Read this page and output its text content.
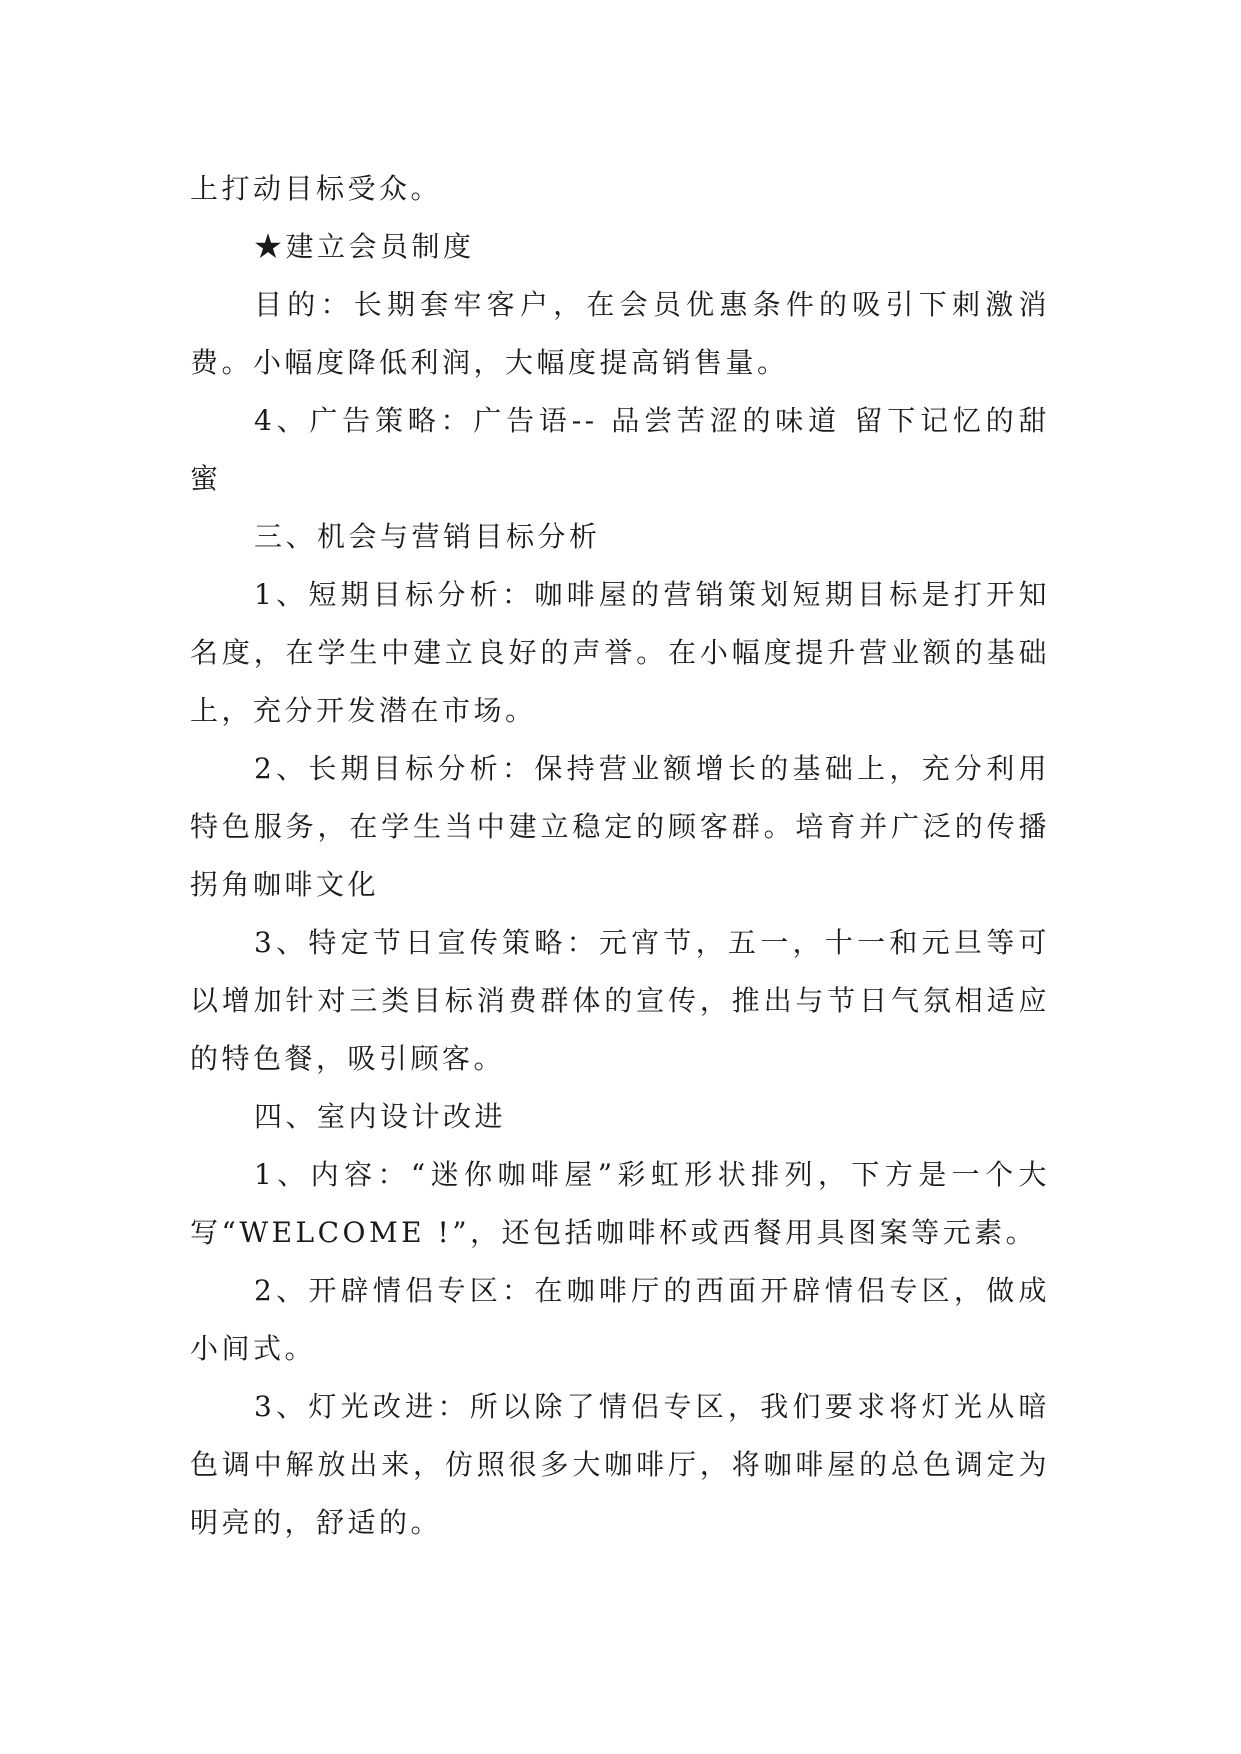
上打动目标受众。

★建立会员制度

目的：长期套牢客户，在会员优惠条件的吸引下刺激消费。小幅度降低利润，大幅度提高销售量。

4、广告策略：广告语-- 品尝苦涩的味道 留下记忆的甜蜜

三、机会与营销目标分析

1、短期目标分析：咖啡屋的营销策划短期目标是打开知名度，在学生中建立良好的声誉。在小幅度提升营业额的基础上，充分开发潜在市场。

2、长期目标分析：保持营业额增长的基础上，充分利用特色服务，在学生当中建立稳定的顾客群。培育并广泛的传播拐角咖啡文化

3、特定节日宣传策略：元宵节，五一，十一和元旦等可以增加针对三类目标消费群体的宣传，推出与节日气氛相适应的特色餐，吸引顾客。

四、室内设计改进

1、内容：“迷你咖啡屋”彩虹形状排列，下方是一个大写“WELCOME !”，还包括咖啡杯或西餐用具图案等元素。

2、开辟情侣专区：在咖啡厅的西面开辟情侣专区，做成小间式。

3、灯光改进：所以除了情侣专区，我们要求将灯光从暗色调中解放出来，仿照很多大咖啡厅，将咖啡屋的总色调定为明亮的，舒适的。
